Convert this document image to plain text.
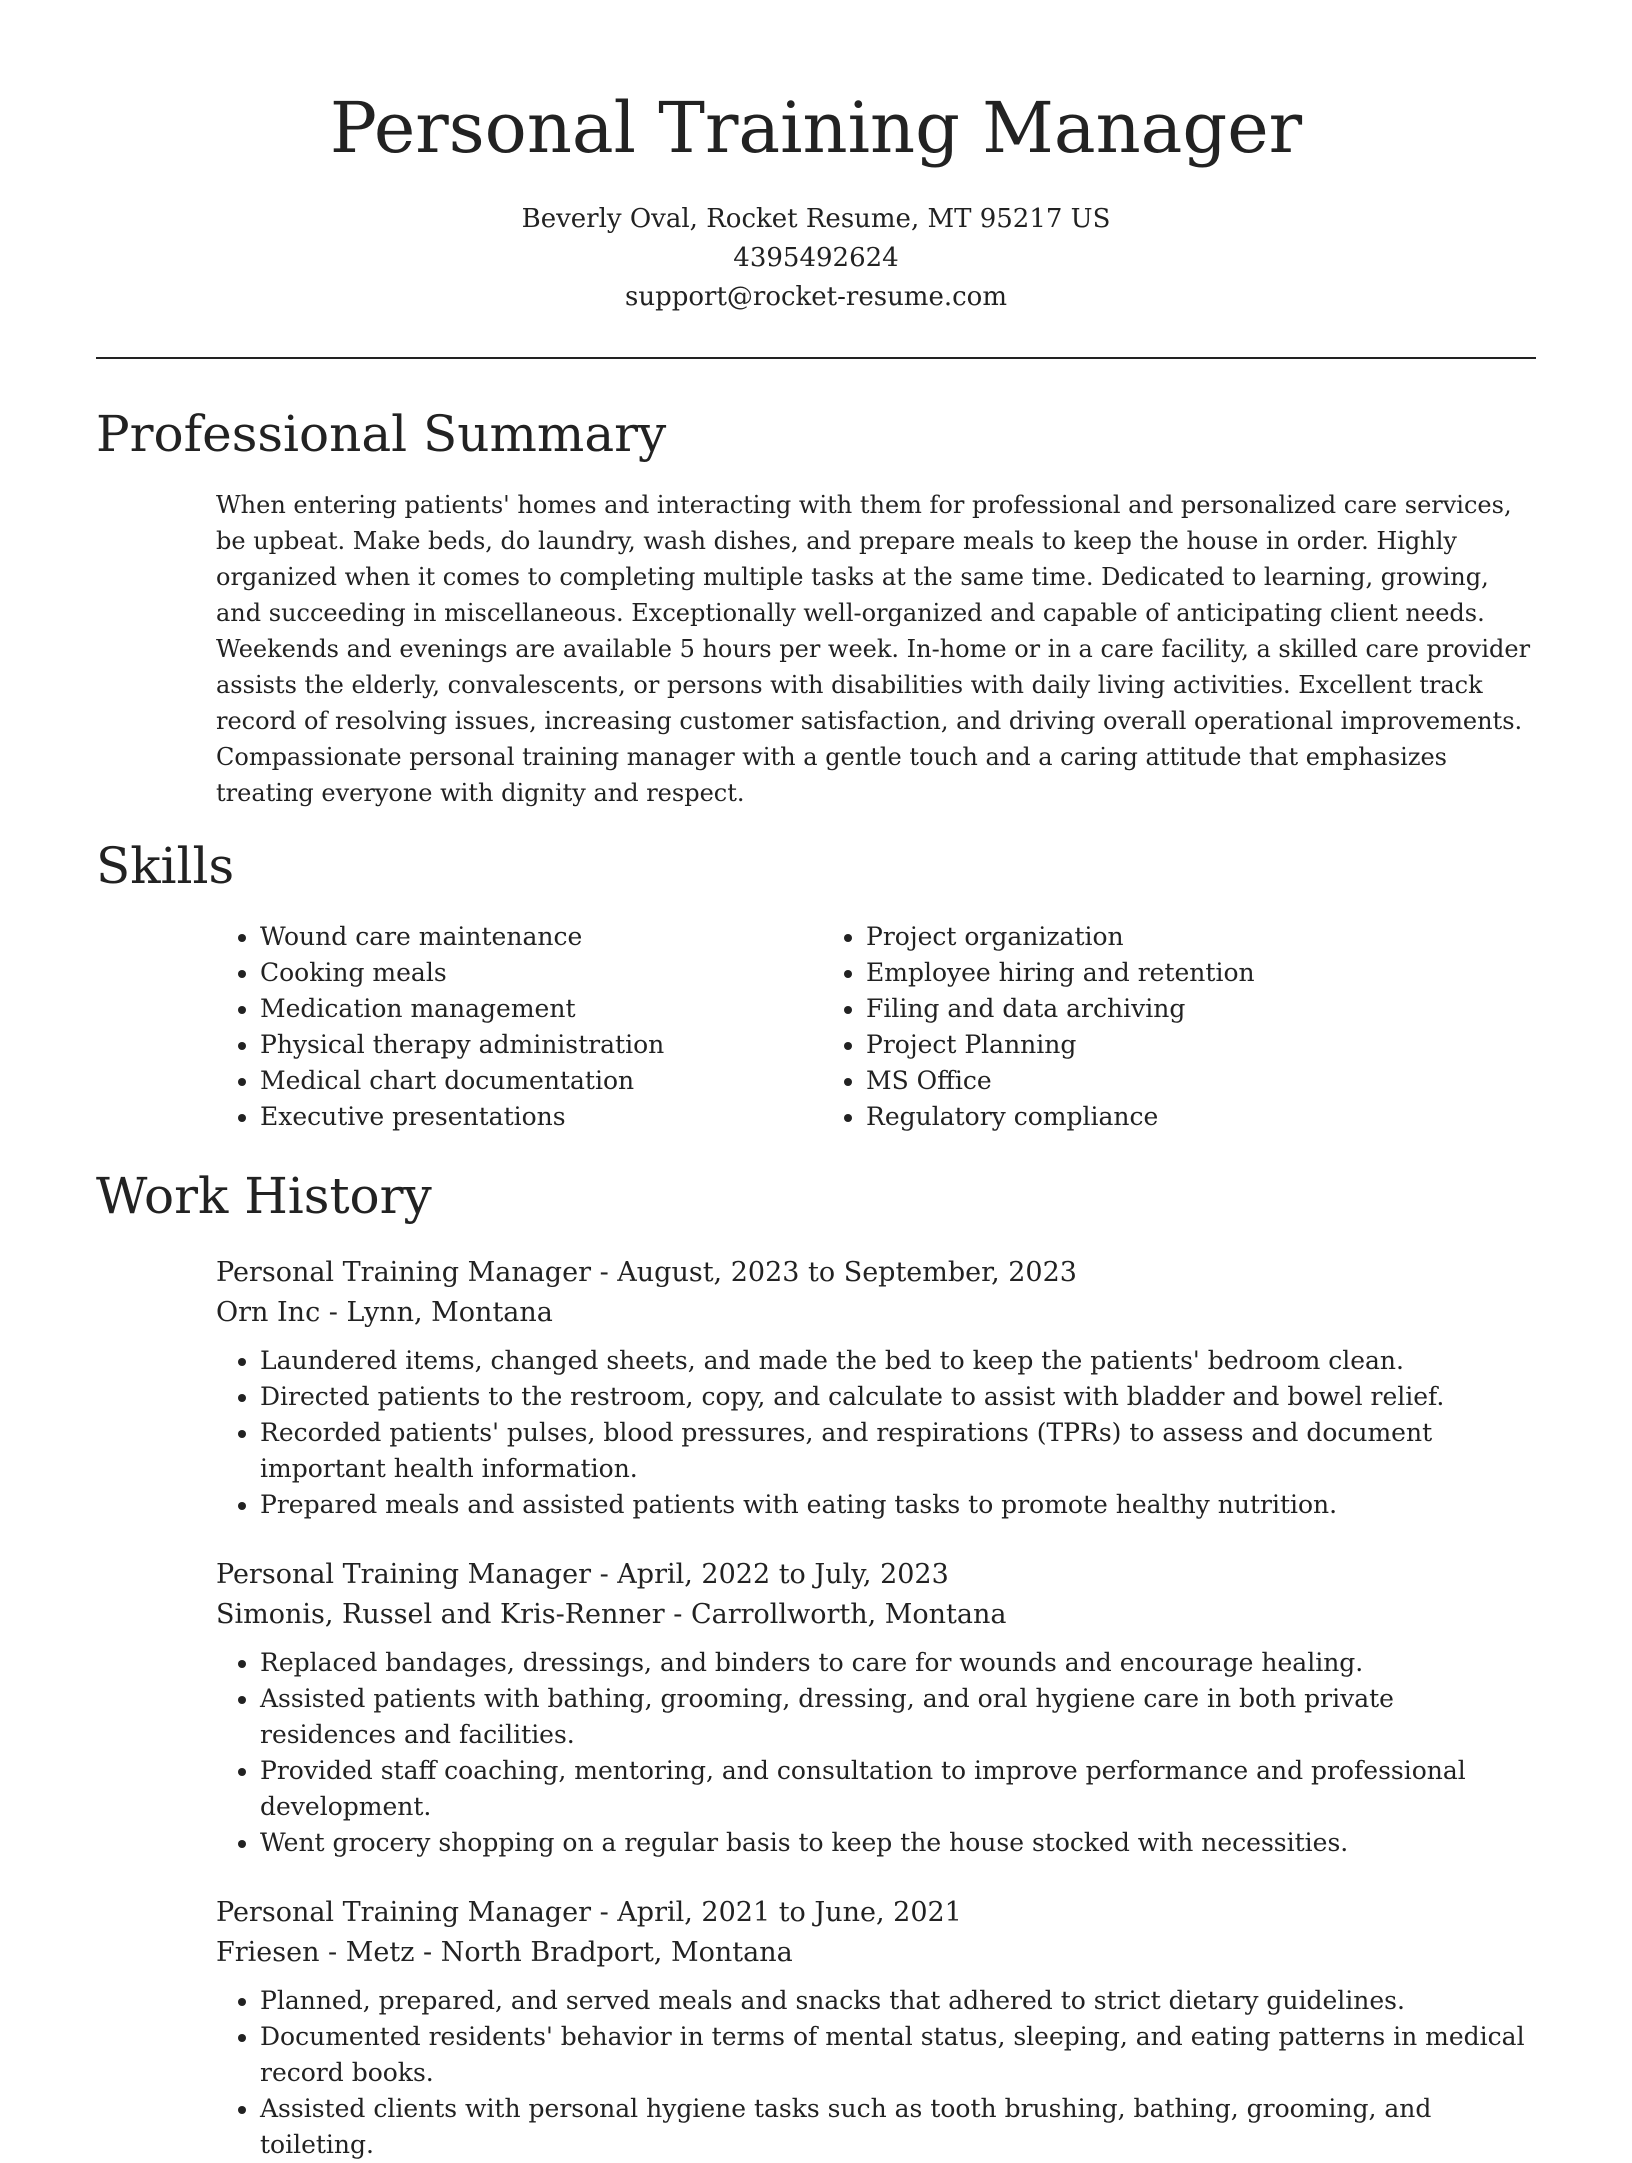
Personal Training Manager
Beverly Oval, Rocket Resume, MT 95217 US
4395492624
support@rocket-resume.com
Professional Summary
When entering patients' homes and interacting with them for professional and personalized care services, be upbeat. Make beds, do laundry, wash dishes, and prepare meals to keep the house in order. Highly organized when it comes to completing multiple tasks at the same time. Dedicated to learning, growing, and succeeding in miscellaneous. Exceptionally well-organized and capable of anticipating client needs. Weekends and evenings are available 5 hours per week. In-home or in a care facility, a skilled care provider assists the elderly, convalescents, or persons with disabilities with daily living activities. Excellent track record of resolving issues, increasing customer satisfaction, and driving overall operational improvements. Compassionate personal training manager with a gentle touch and a caring attitude that emphasizes treating everyone with dignity and respect.
Skills
• Wound care maintenance
• Cooking meals
• Medication management
• Physical therapy administration
• Medical chart documentation
• Executive presentations
• Project organization
• Employee hiring and retention
• Filing and data archiving
• Project Planning
• MS Office
• Regulatory compliance
Work History
Personal Training Manager - August, 2023 to September, 2023
Orn Inc - Lynn, Montana
• Laundered items, changed sheets, and made the bed to keep the patients' bedroom clean.
• Directed patients to the restroom, copy, and calculate to assist with bladder and bowel relief.
• Recorded patients' pulses, blood pressures, and respirations (TPRs) to assess and document important health information.
• Prepared meals and assisted patients with eating tasks to promote healthy nutrition.
Personal Training Manager - April, 2022 to July, 2023
Simonis, Russel and Kris-Renner - Carrollworth, Montana
• Replaced bandages, dressings, and binders to care for wounds and encourage healing.
• Assisted patients with bathing, grooming, dressing, and oral hygiene care in both private residences and facilities.
• Provided staff coaching, mentoring, and consultation to improve performance and professional development.
• Went grocery shopping on a regular basis to keep the house stocked with necessities.
Personal Training Manager - April, 2021 to June, 2021
Friesen - Metz - North Bradport, Montana
• Planned, prepared, and served meals and snacks that adhered to strict dietary guidelines.
• Documented residents' behavior in terms of mental status, sleeping, and eating patterns in medical record books.
• Assisted clients with personal hygiene tasks such as tooth brushing, bathing, grooming, and toileting.
